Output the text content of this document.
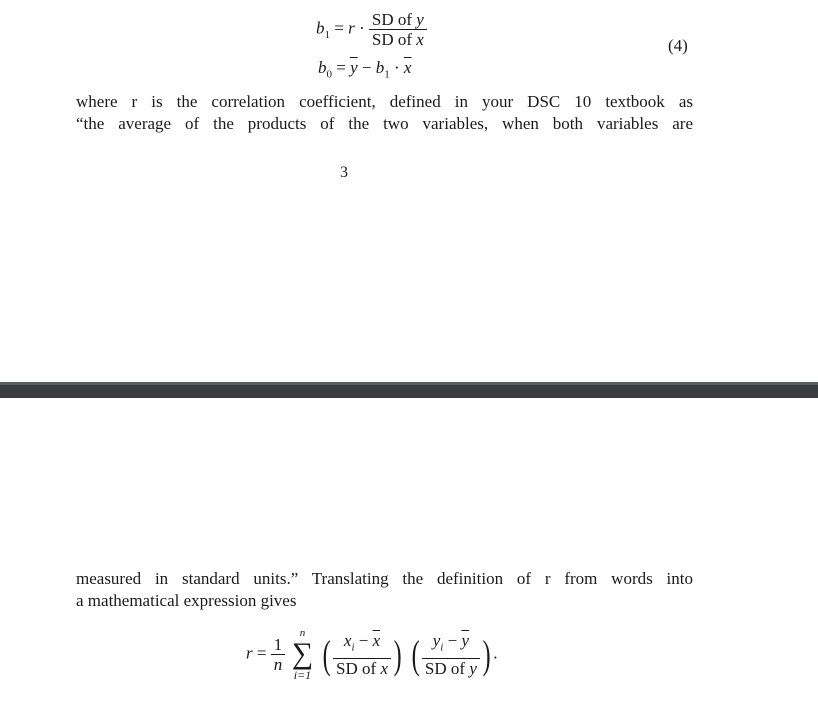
$b_1 = r \cdot \frac{\text{SD of y}}{\text{SD of x}}$	(4)
$b_0 = \overline{y} - b_1 \cdot \overline{x}$

where r is the correlation coefficient, defined in your DSC 10 textbook as

“the average of the products of the two variables, when both variables are

3

measured in standard units.” Translating the definition of r from words into

a mathematical expression gives

$r = \frac{1}{n}$

n
∑
i=1 ( $\frac{x_i - \overline{x}}{\text{SD of x}}$ ) ( $\frac{y_i - \overline{y}}{\text{SD of y}}$ ) .
